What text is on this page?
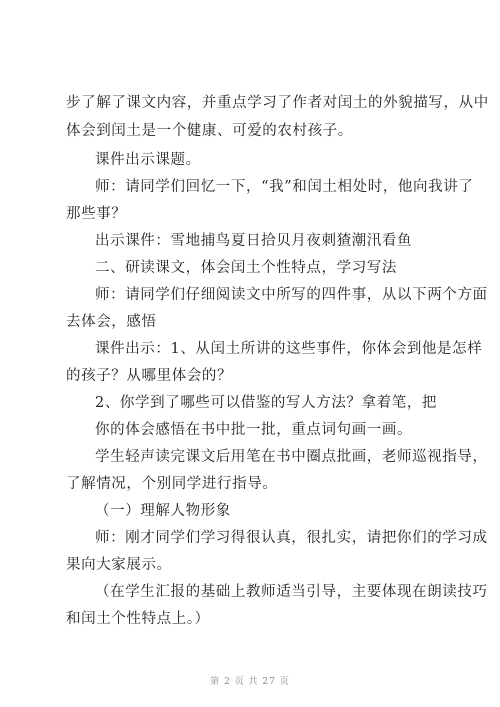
步了解了课文内容，并重点学习了作者对闰土的外貌描写，从中
体会到闰土是一个健康、可爱的农村孩子。
课件出示课题。
师：请同学们回忆一下，“我”和闰土相处时，他向我讲了
那些事？
出示课件：雪地捕鸟夏日拾贝月夜刺猹潮汛看鱼
二、研读课文，体会闰土个性特点，学习写法
师：请同学们仔细阅读文中所写的四件事，从以下两个方面
去体会，感悟
课件出示：1、从闰土所讲的这些事件，你体会到他是怎样
的孩子？从哪里体会的？
2、你学到了哪些可以借鉴的写人方法？拿着笔，把
你的体会感悟在书中批一批，重点词句画一画。
学生轻声读完课文后用笔在书中圈点批画，老师巡视指导，
了解情况，个别同学进行指导。
（一）理解人物形象
师：刚才同学们学习得很认真，很扎实，请把你们的学习成
果向大家展示。
（在学生汇报的基础上教师适当引导，主要体现在朗读技巧
和闰土个性特点上。）
第 2 页 共 27 页
